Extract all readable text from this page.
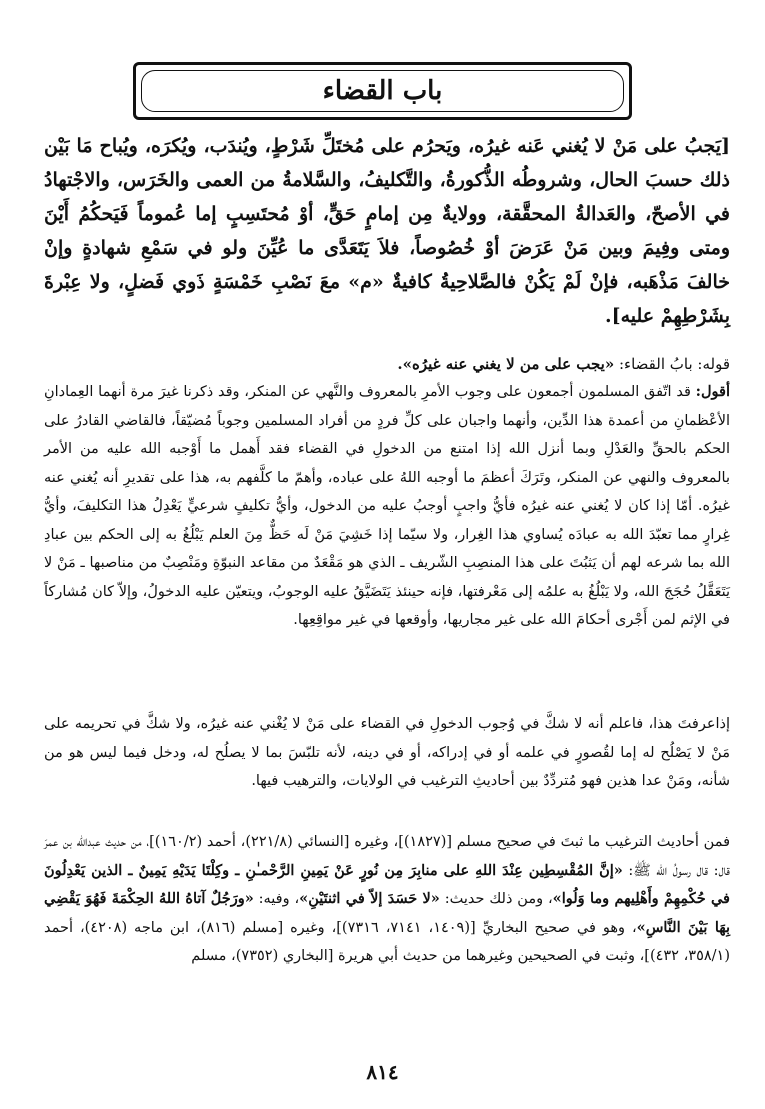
باب القضاء
[يَجبُ على مَنْ لا يُغني عَنه غيرُه، ويَحرُم على مُختَلِّ شَرْطٍ، ويُندَب، ويُكرَه، ويُباح مَا بَيْن ذلك حسبَ الحال، وشروطُه الذُّكورةُ، والتَّكليفُ، والسَّلامةُ من العمى والخَرَس، والاجْتهادُ في الأصحّ، والعَدالةُ المحقَّقة، وولايةٌ مِن إمامٍ حَقٍّ، أوْ مُحتَسِبٍ إما عُموماً فَيَحكُمُ أَيْنَ ومتى وفِيمَ وبين مَنْ عَرَضَ أوْ خُصُوصاً، فلاَ يَتَعَدَّى ما عُيِّنَ ولو في سَمْعِ شهادةٍ وإنْ خالفَ مَذْهَبه، فإنْ لَمْ يَكُنْ فالصَّلاحِيةُ كافيةٌ «م» معَ نَصْبِ خَمْسَةٍ ذَوي فَضلٍ، ولا عِبْرةَ بِشَرْطِهِمْ عليه].
قوله: بابُ القضاء: «يجب على من لا يغني عنه غيرُه».
أقول: قد اتّفق المسلمون أجمعون على وجوب الأمرِ بالمعروف والنَّهي عن المنكر، وقد ذكرنا غيرَ مرة أنهما العِمادانِ الأعْظمانِ من أعمدة هذا الدِّين، وأنهما واجبان على كلِّ فردٍ من أفراد المسلمين وجوباً مُضيّقاً، فالقاضي القادرُ على الحكم بالحقِّ والعَدْلِ وبما أنزل الله إذا امتنع من الدخولِ في القضاء فقد أَهمل ما أَوْجبه الله عليه من الأمر بالمعروف والنهي عن المنكر، وتَرَكَ أعظمَ ما أوجبه اللهُ على عباده، وأهمّ ما كلَّفهم به، هذا على تقديرِ أنه يُغني عنه غيرُه. أمّا إذا كان لا يُغني عنه غيرُه فأيُّ واجبٍ أوجبُ عليه من الدخول، وأيُّ تكليفٍ شرعيٍّ يَعْدِلُ هذا التكليفَ، وأيُّ غِرارٍ مما تعبّدَ الله به عبادَه يُساوي هذا الغِرار، ولا سيّما إذا خَشِيَ مَنْ لَه حَظٌّ مِنَ العلم يَبْلُغُ به إلى الحكم بين عبادِ الله بما شرعه لهم أن يَثبُتَ على هذا المنصِبِ الشّريف ـ الذي هو مَقْعَدٌ من مقاعد النبوّةِ ومَنْصِبٌ من مناصبها ـ مَنْ لا يَتَعَقَّلُ حُجَجَ الله، ولا يَبْلُغُ به علمُه إلى مَعْرفتها، فإنه حينئذ يَتَضَيَّقُ عليه الوجوبُ، ويتعيّن عليه الدخولُ، وإلاّ كان مُشاركاً في الإثم لمن أَجْرى أحكامَ الله على غير مجاريها، وأوقعها في غير مواقِعِها.
إذاعرفتَ هذا، فاعلم أنه لا شكَّ في وُجوب الدخولِ في القضاء على مَنْ لا يُغْني عنه غيرُه، ولا شكَّ في تحريمه على مَنْ لا يَصْلُح له إما لقُصورٍ في علمه أو في إدراكه، أو في دينه، لأنه تلبّسَ بما لا يصلُح له، ودخل فيما ليس هو من شأنه، ومَنْ عدا هذين فهو مُتردِّدٌ بين أحاديثِ الترغيب في الولايات، والترهيب فيها.
فمن أحاديث الترغيب ما ثبتَ في صحيح مسلم [(١٨٢٧)]، وغيره [النسائي (٢٢١/٨)، أحمد (١٦٠/٢)]، من حديث عبدالله بن عمرَ قال: قال رسولُ الله ﷺ: «إنَّ المُقْسِطِين عِنْدَ اللهِ على منابِرَ مِن نُورٍ عَنْ يَمِينِ الرَّحْمـٰنِ ـ وكِلْتَا يَدَيْهِ يَمِينٌ ـ الذين يَعْدِلُونَ في حُكْمِهِمْ وأَهْلِيهم وما وَلُوا»، ومن ذلك حديث: «لا حَسَدَ إلاّ في اثنتَيْنِ»، وفيه: «ورَجُلٌ آتاهُ اللهُ الحِكْمَةَ فَهُوَ يَقْضِي بِهَا بَيْنَ النَّاسِ»، وهو في صحيح البخاريِّ [(١٤٠٩، ٧١٤١، ٧٣١٦)]، وغيره [مسلم (٨١٦)، ابن ماجه (٤٢٠٨)، أحمد (٣٥٨/١، ٤٣٢)]، وثبت في الصحيحين وغيرهما من حديث أبي هريرة [البخاري (٧٣٥٢)، مسلم
٨١٤
